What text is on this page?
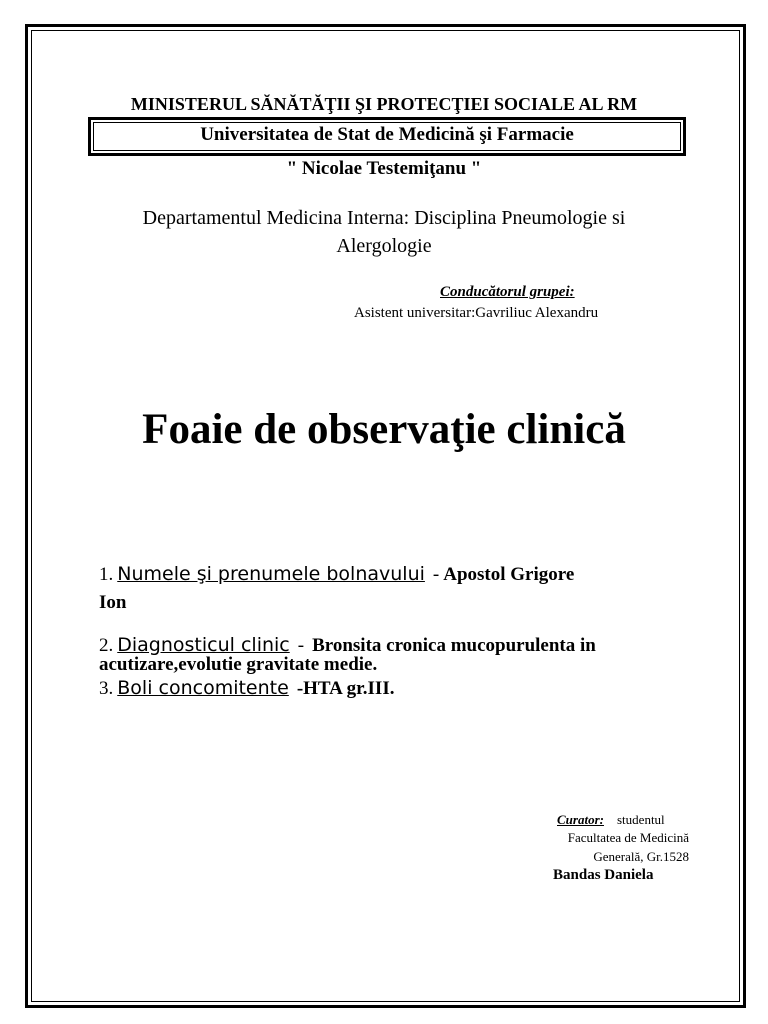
MINISTERUL SĂNĂTĂŢII ŞI PROTECŢIEI SOCIALE AL RM
Universitatea de Stat de Medicină şi Farmacie
" Nicolae Testemiţanu "
Departamentul Medicina Interna: Disciplina Pneumologie si
Alergologie
Conducătorul grupei:
Asistent universitar:Gavriliuc Alexandru
Foaie de observaţie clinică
1. Numele şi prenumele bolnavului - Apostol Grigore
Ion
2. Diagnosticul clinic - Bronsita cronica mucopurulenta in
acutizare,evolutie gravitate medie.
3. Boli concomitente -HTA gr.III.
Curator: studentul
Facultatea de Medicină
Generală, Gr.1528
Bandas Daniela
